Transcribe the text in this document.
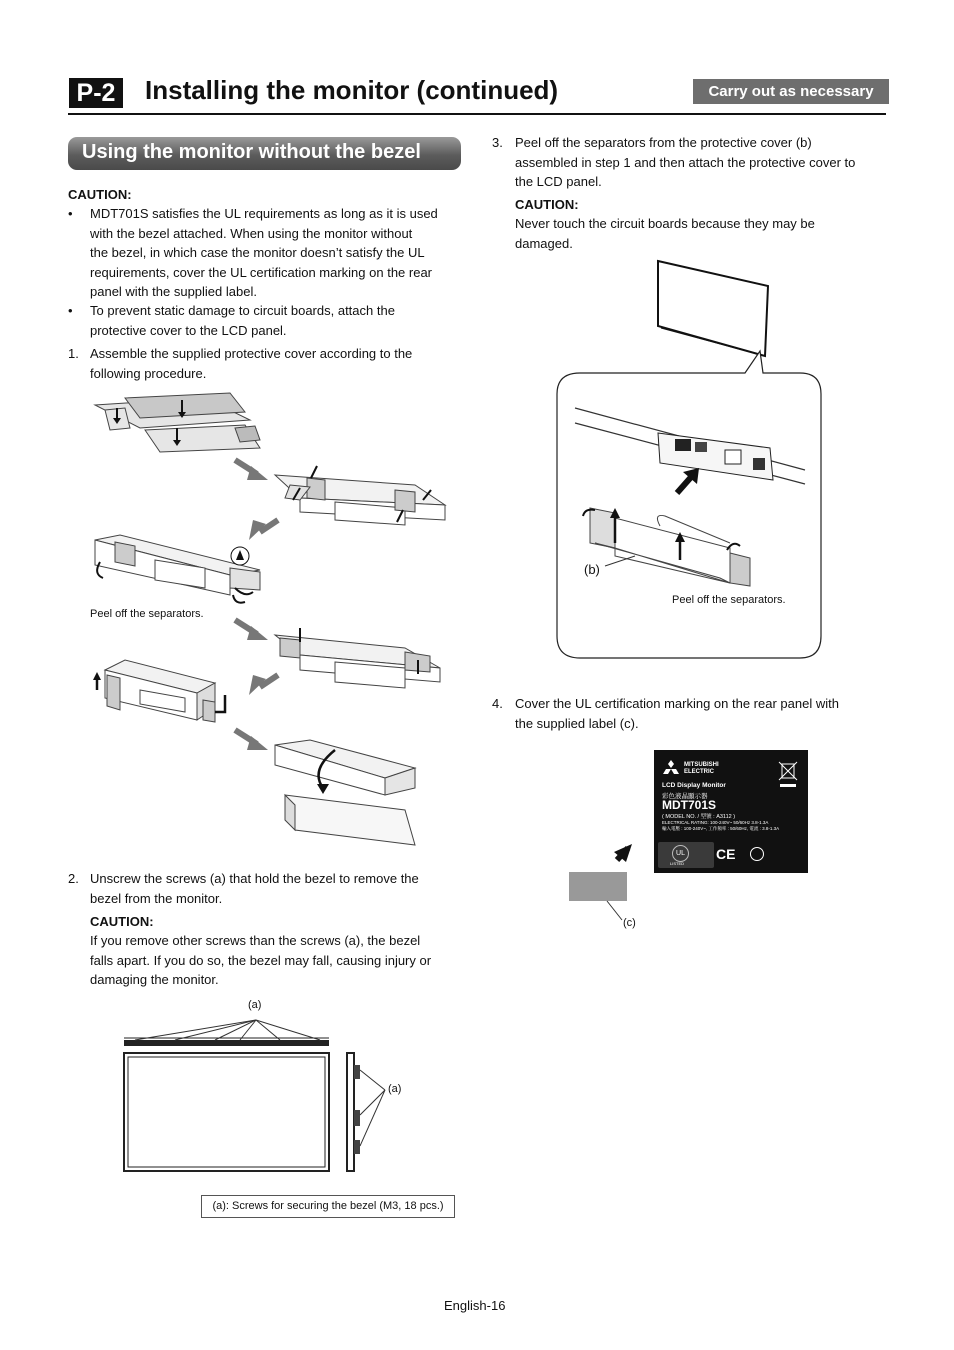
P-2 Installing the monitor (continued)	Carry out as necessary
Using the monitor without the bezel
CAUTION:
• MDT701S satisfies the UL requirements as long as it is used
with the bezel attached. When using the monitor without
the bezel, in which case the monitor doesn’t satisfy the UL
requirements, cover the UL certification marking on the rear
panel with the supplied label.
• To prevent static damage to circuit boards, attach the
protective cover to the LCD panel.
1. Assemble the supplied protective cover according to the
following procedure.
Peel off the separators.
2. Unscrew the screws (a) that hold the bezel to remove the
bezel from the monitor.
CAUTION:
If you remove other screws than the screws (a), the bezel
falls apart. If you do so, the bezel may fall, causing injury or
damaging the monitor.
(a)
(a)
(a): Screws for securing the bezel (M3, 18 pcs.)
3. Peel off the separators from the protective cover (b)
assembled in step 1 and then attach the protective cover to
the LCD panel.
CAUTION:
Never touch the circuit boards because they may be
damaged.
(b)
Peel off the separators.
4. Cover the UL certification marking on the rear panel with
the supplied label (c).
MITSUBISHI
ELECTRIC
LCD Display Monitor
彩色液晶顯示器
MDT701S
( MODEL NO. / 型號 : A3112 )
ELECTRICAL RATING: 100-240V~ 50/60Hz 3.8-1.3A
輸入電壓 : 100-240V~, 工作頻率 : 50/60Hz, 電流 : 3.8-1.3A
UL
LISTED
CE
(c)
English-16
